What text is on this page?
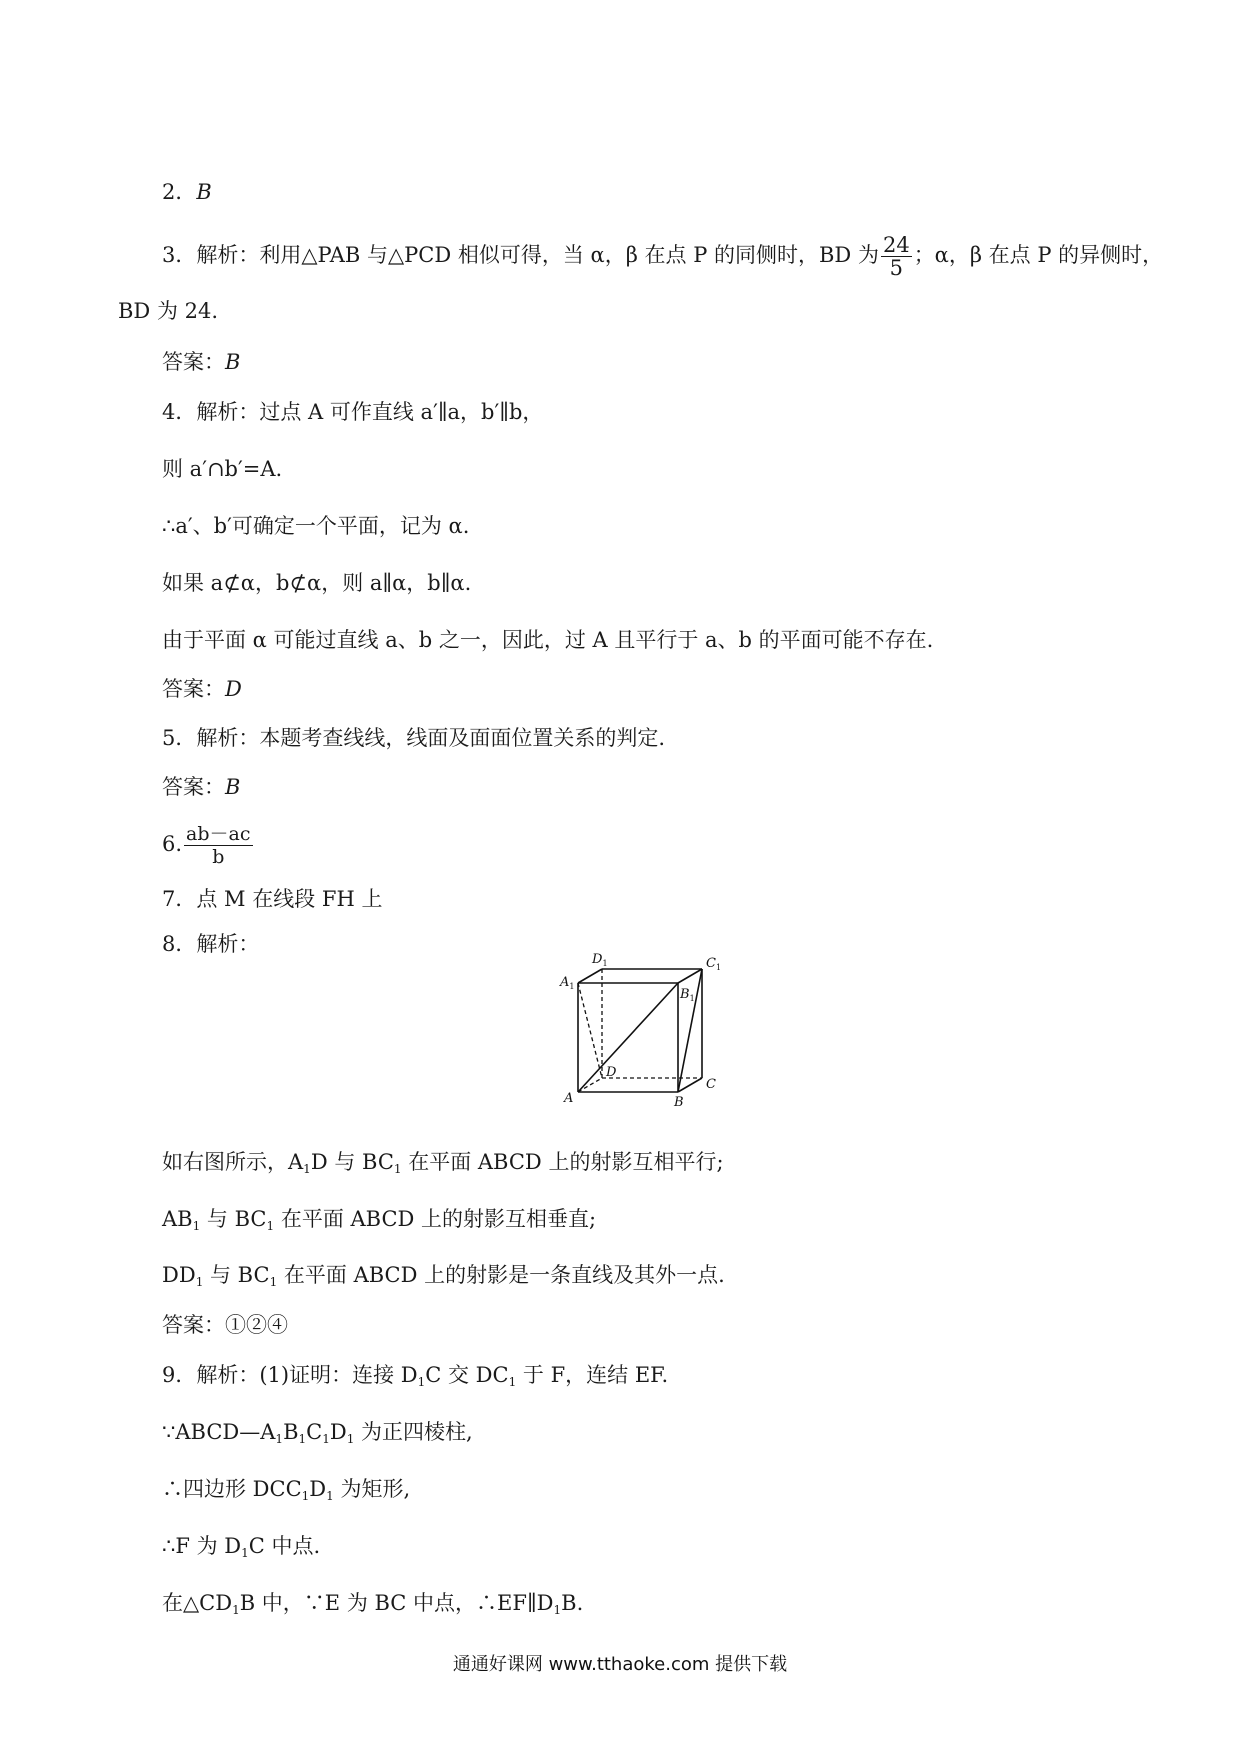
2．B
3．解析：利用△PAB 与△PCD 相似可得，当 α，β 在点 P 的同侧时，BD 为 $\frac{24}{5}$ ；α，β 在点 P 的异侧时，
BD 为 24.
答案：B
4．解析：过点 A 可作直线 a′∥a，b′∥b，
则 a′∩b′=A.
∴a′、b′可确定一个平面，记为 α.
如果 a⊄α，b⊄α，则 a∥α，b∥α.
由于平面 α 可能过直线 a、b 之一，因此，过 A 且平行于 a、b 的平面可能不存在.
答案：D
5．解析：本题考查线线，线面及面面位置关系的判定.
答案：B
6. $\frac{ab-ac}{b}$
7．点 M 在线段 FH 上
8．解析：
$A_1$
$D_1$	$C_1$
$B_1$
D
C
A	B
如右图所示，$A_1D$ 与 $BC_1$ 在平面 ABCD 上的射影互相平行;
$AB_1$ 与 $BC_1$ 在平面 ABCD 上的射影互相垂直;
$DD_1$ 与 $BC_1$ 在平面 ABCD 上的射影是一条直线及其外一点.
答案：①②④
9．解析：(1)证明：连接 $D_1C$ 交 $DC_1$ 于 F，连结 EF.
$\because ABCD—A_1B_1C_1D_1$ 为正四棱柱,
∴四边形 $DCC_1D_1$ 为矩形,
∴F 为 $D_1C$ 中点.
在$\triangle CD_1B$ 中，∵E 为 BC 中点，$\therefore EF\parallel D_1B$.
通通好课网 www.tthaoke.com 提供下载
